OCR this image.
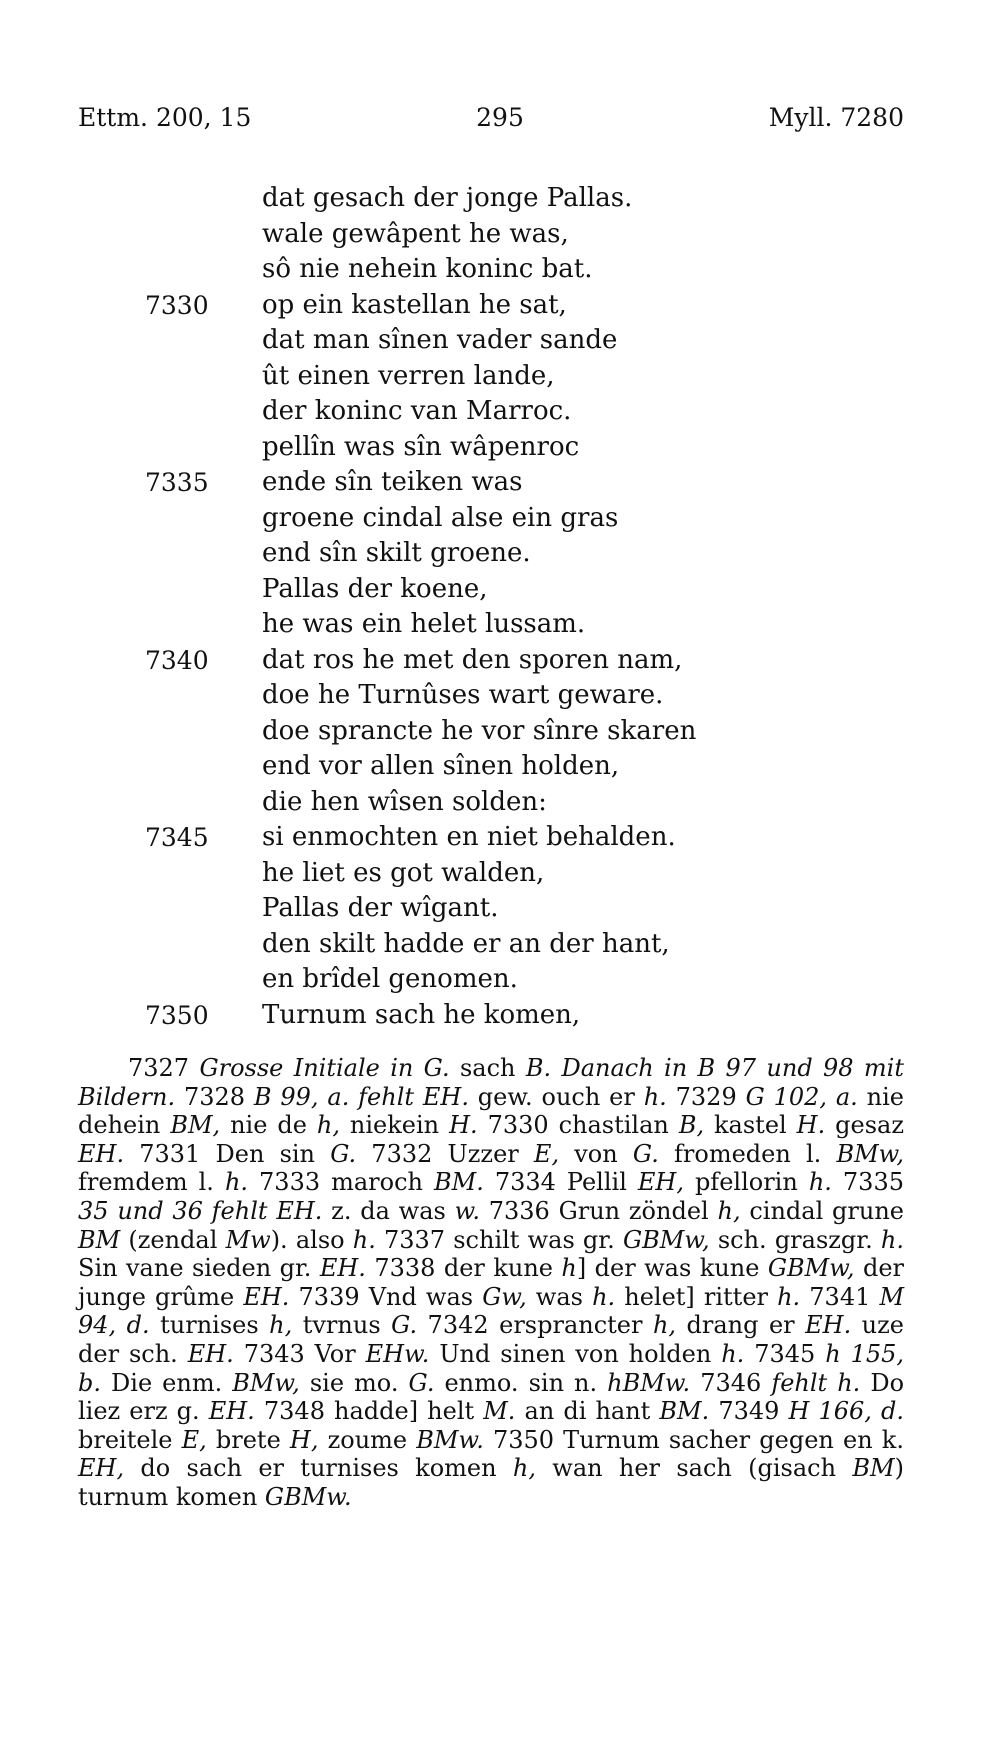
Ettm. 200, 15	295	Myll. 7280
dat gesach der jonge Pallas.
wale gewâpent he was,
sô nie nehein koninc bat.
7330	op ein kastellan he sat,
dat man sînen vader sande
ût einen verren lande,
der koninc van Marroc.
pellîn was sîn wâpenroc
7335	ende sîn teiken was
groene cindal alse ein gras
end sîn skilt groene.
Pallas der koene,
he was ein helet lussam.
7340	dat ros he met den sporen nam,
doe he Turnûses wart geware.
doe sprancte he vor sînre skaren
end vor allen sînen holden,
die hen wîsen solden:
7345	si enmochten en niet behalden.
he liet es got walden,
Pallas der wîgant.
den skilt hadde er an der hant,
en brîdel genomen.
7350	Turnum sach he komen,

7327 Grosse Initiale in G. sach B. Danach in B 97 und 98 mit Bildern. 7328 B 99, a. fehlt EH. gew. ouch er h. 7329 G 102, a. nie dehein BM, nie de h, niekein H. 7330 chastilan B, kastel H. gesaz EH. 7331 Den sin G. 7332 Uzzer E, von G. fromeden l. BMw, fremdem l. h. 7333 maroch BM. 7334 Pellil EH, pfellorin h. 7335 35 und 36 fehlt EH. z. da was w. 7336 Grun zöndel h, cindal grune BM (zendal Mw). also h. 7337 schilt was gr. GBMw, sch. graszgr. h. Sin vane sieden gr. EH. 7338 der kune h] der was kune GBMw, der junge grûme EH. 7339 Vnd was Gw, was h. helet] ritter h. 7341 M 94, d. turnises h, tvrnus G. 7342 ersprancter h, drang er EH. uze der sch. EH. 7343 Vor EHw. Und sinen von holden h. 7345 h 155, b. Die enm. BMw, sie mo. G. enmo. sin n. hBMw. 7346 fehlt h. Do liez erz g. EH. 7348 hadde] helt M. an di hant BM. 7349 H 166, d. breitele E, brete H, zoume BMw. 7350 Turnum sacher gegen en k. EH, do sach er turnises komen h, wan her sach (gisach BM) turnum komen GBMw.
